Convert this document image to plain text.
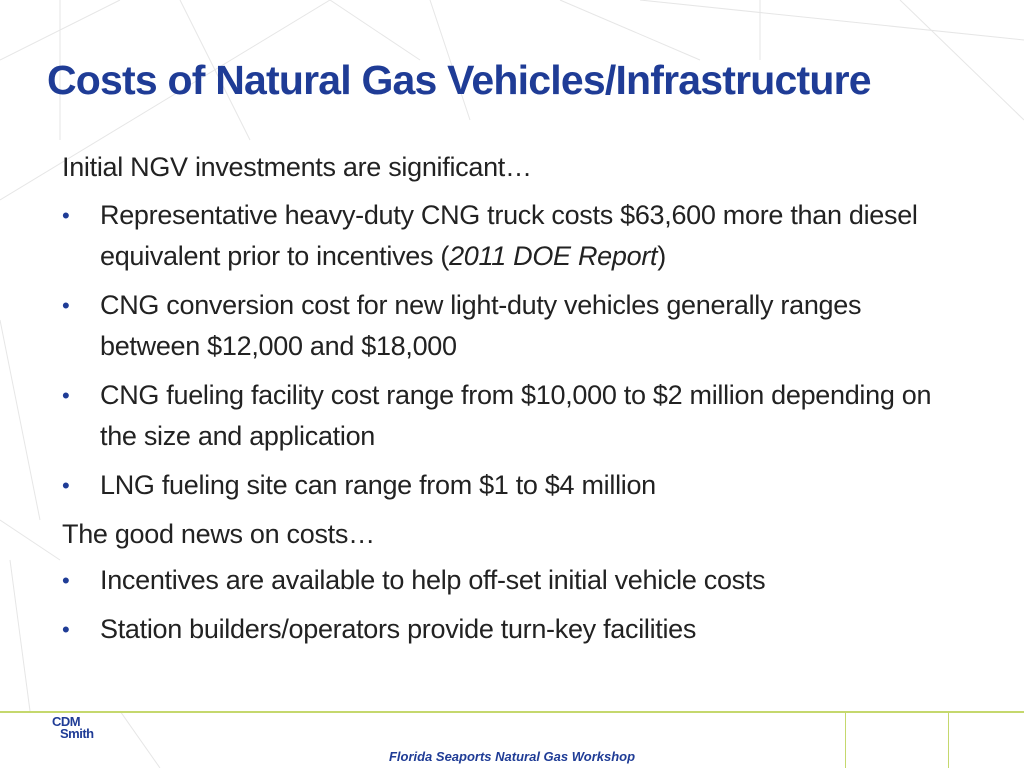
Costs of Natural Gas Vehicles/Infrastructure

Initial NGV investments are significant…

•	Representative heavy-duty CNG truck costs $63,600 more than diesel equivalent prior to incentives (2011 DOE Report)
•	CNG conversion cost for new light-duty vehicles generally ranges between $12,000 and $18,000
•	CNG fueling facility cost range from $10,000 to $2 million depending on the size and application
•	LNG fueling site can range from $1 to $4 million

The good news on costs…

•	Incentives are available to help off-set initial vehicle costs
•	Station builders/operators provide turn-key facilities
CDM
Smith
Florida Seaports Natural Gas Workshop
